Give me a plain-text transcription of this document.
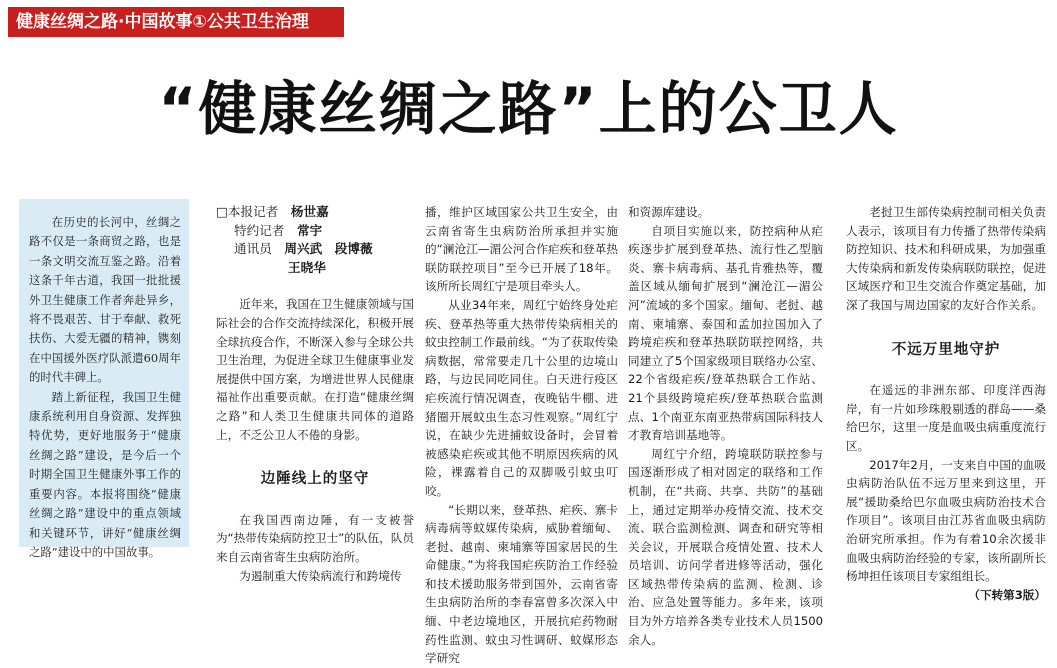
健康丝绸之路·中国故事①公共卫生治理
“健康丝绸之路”上的公卫人

在历史的长河中，丝绸之路不仅是一条商贸之路，也是一条文明交流互鉴之路。沿着这条千年古道，我国一批批援外卫生健康工作者奔赴异乡，将不畏艰苦、甘于奉献、救死扶伤、大爱无疆的精神，镌刻在中国援外医疗队派遣60周年的时代丰碑上。

踏上新征程，我国卫生健康系统利用自身资源、发挥独特优势，更好地服务于“健康丝绸之路”建设，是今后一个时期全国卫生健康外事工作的重要内容。本报将围绕“健康丝绸之路”建设中的重点领域和关键环节，讲好“健康丝绸之路”建设中的中国故事。

□本报记者　 杨世嘉
特约记者　 常宇
通讯员　 周兴武　段博薇
王晓华

近年来，我国在卫生健康领域与国际社会的合作交流持续深化，积极开展全球抗疫合作，不断深入参与全球公共卫生治理，为促进全球卫生健康事业发展提供中国方案，为增进世界人民健康福祉作出重要贡献。在打造“健康丝绸之路”和人类卫生健康共同体的道路上，不乏公卫人不倦的身影。

边陲线上的坚守

在我国西南边陲，有一支被誉为“热带传染病防控卫士”的队伍，队员来自云南省寄生虫病防治所。

为遏制重大传染病流行和跨境传

播，维护区域国家公共卫生安全，由云南省寄生虫病防治所承担并实施的“澜沧江—湄公河合作疟疾和登革热联防联控项目”至今已开展了18年。该所所长周红宁是项目牵头人。

从业34年来，周红宁始终身处疟疾、登革热等重大热带传染病相关的蚊虫控制工作最前线。“为了获取传染病数据，常常要走几十公里的边境山路，与边民同吃同住。白天进行疫区疟疾流行情况调查，夜晚钻牛棚、进猪圈开展蚊虫生态习性观察。”周红宁说，在缺少先进捕蚊设备时，会冒着被感染疟疾或其他不明原因疾病的风险，裸露着自己的双脚吸引蚊虫叮咬。

“长期以来，登革热、疟疾、寨卡病毒病等蚊媒传染病，威胁着缅甸、老挝、越南、柬埔寨等国家居民的生命健康。”为将我国疟疾防治工作经验和技术援助服务带到国外，云南省寄生虫病防治所的李春富曾多次深入中缅、中老边境地区，开展抗疟药物耐药性监测、蚊虫习性调研、蚊媒形态学研究

和资源库建设。

自项目实施以来，防控病种从疟疾逐步扩展到登革热、流行性乙型脑炎、寨卡病毒病、基孔肯雅热等，覆盖区域从缅甸扩展到“澜沧江—湄公河”流域的多个国家。缅甸、老挝、越南、柬埔寨、泰国和孟加拉国加入了跨境疟疾和登革热联防联控网络，共同建立了5个国家级项目联络办公室、22个省级疟疾/登革热联合工作站、21个县级跨境疟疾/登革热联合监测点、1个南亚东南亚热带病国际科技人才教育培训基地等。

周红宁介绍，跨境联防联控参与国逐渐形成了相对固定的联络和工作机制，在“共商、共享、共防”的基础上，通过定期举办疫情交流、技术交流、联合监测检测、调查和研究等相关会议，开展联合疫情处置、技术人员培训、访问学者进修等活动，强化区域热带传染病的监测、检测、诊治、应急处置等能力。多年来，该项目为外方培养各类专业技术人员1500余人。

老挝卫生部传染病控制司相关负责人表示，该项目有力传播了热带传染病防控知识、技术和科研成果，为加强重大传染病和新发传染病联防联控，促进区域医疗和卫生交流合作奠定基础，加深了我国与周边国家的友好合作关系。

不远万里地守护

在遥远的非洲东部、印度洋西海岸，有一片如珍珠般剔透的群岛——桑给巴尔，这里一度是血吸虫病重度流行区。

2017年2月，一支来自中国的血吸虫病防治队伍不远万里来到这里，开展“援助桑给巴尔血吸虫病防治技术合作项目”。该项目由江苏省血吸虫病防治研究所承担。作为有着10余次援非血吸虫病防治经验的专家，该所副所长杨坤担任该项目专家组组长。

（下转第3版）
